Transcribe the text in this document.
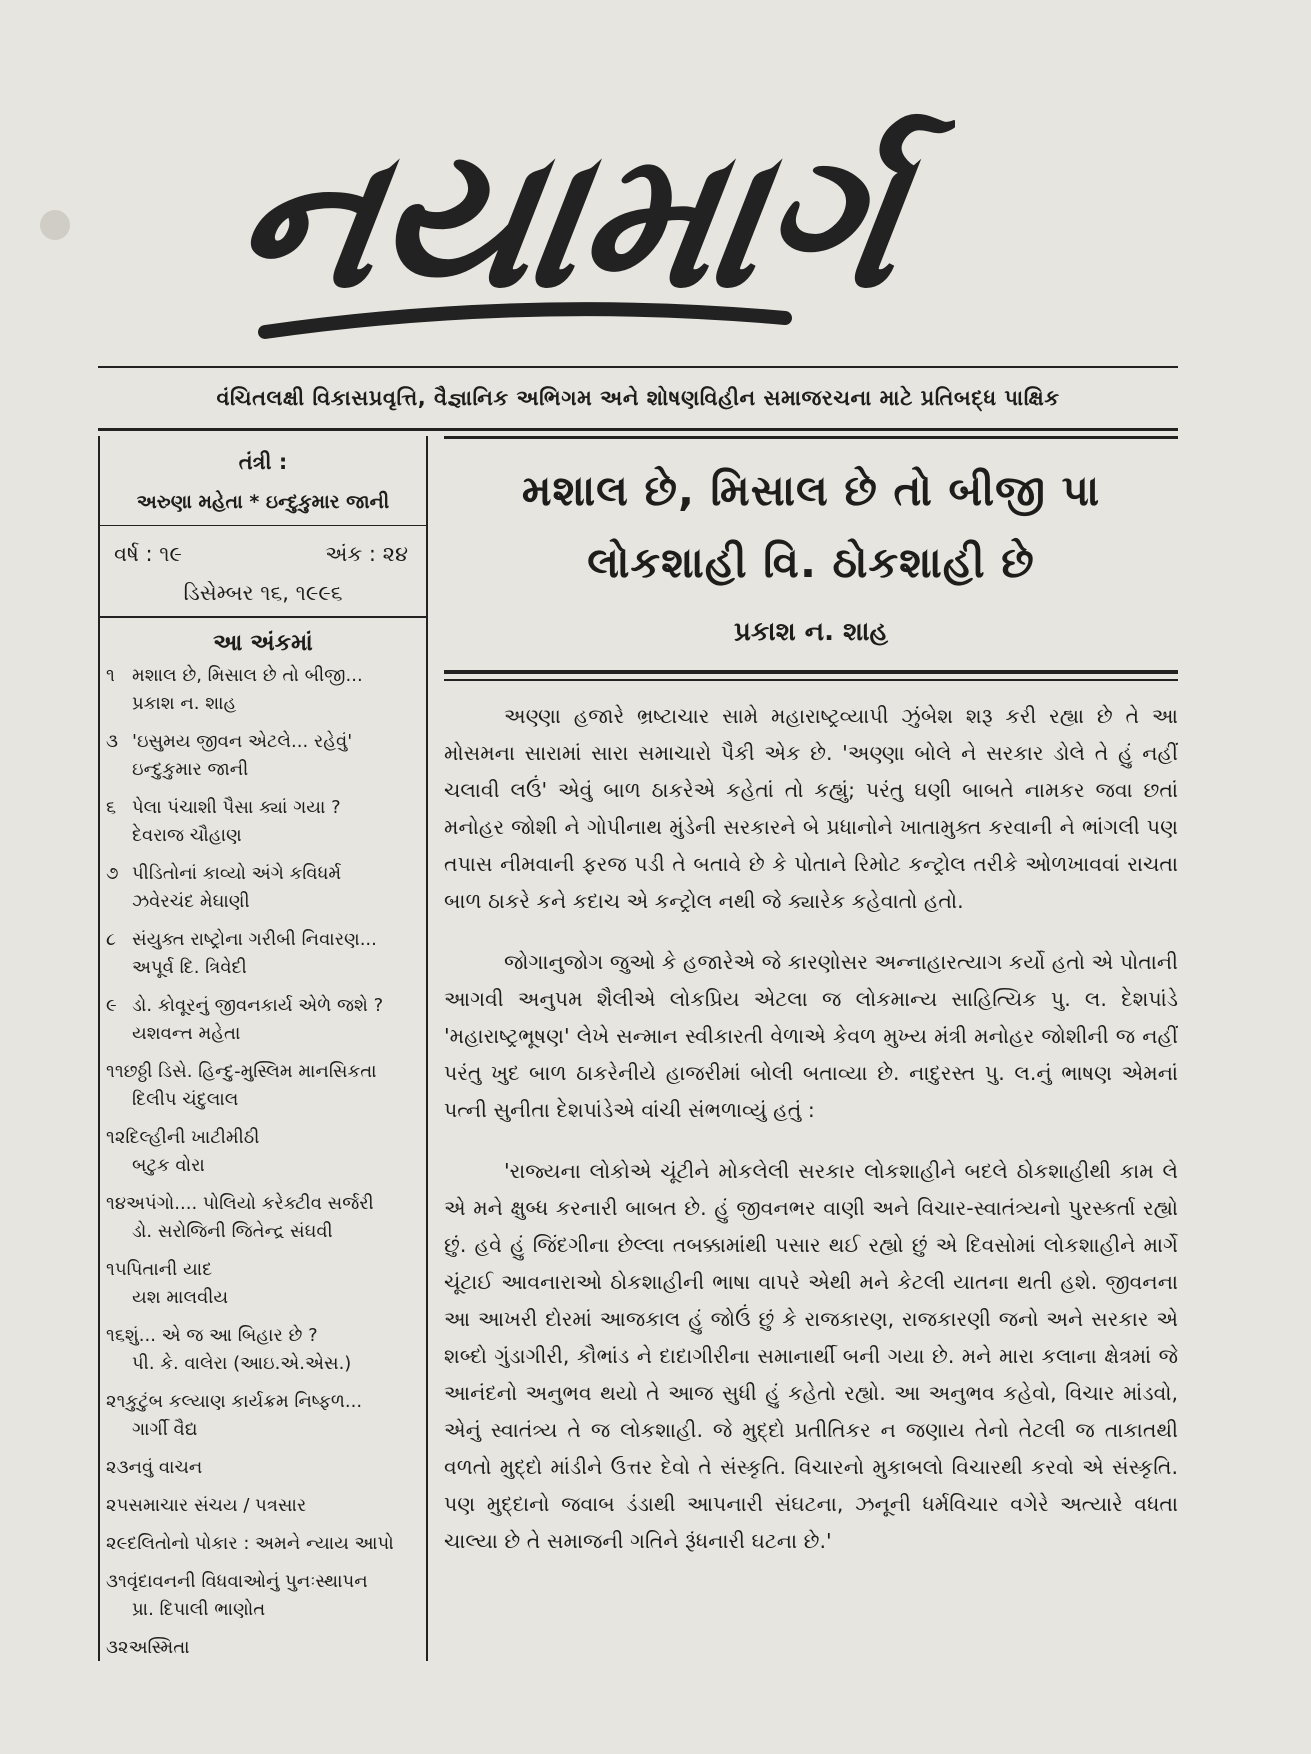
નયામાર્ગ
વંચિતલક્ષી વિકાસપ્રવૃત્તિ, વૈજ્ઞાનિક અભિગમ અને શોષણવિહીન સમાજરચના માટે પ્રતિબદ્ધ પાક્ષિક
તંત્રી :
અરુણા મહેતા * ઇન્દુકુમાર જાની
વર્ષ : ૧૯	અંક : ૨૪
ડિસેમ્બર ૧૬, ૧૯૯૬
આ અંકમાં
૧ મશાલ છે, મિસાલ છે તો બીજી...
પ્રકાશ ન. શાહ
૩ 'ઇસુમય જીવન એટલે... રહેવું'
ઇન્દુકુમાર જાની
૬ પેલા પંચાશી પૈસા ક્યાં ગયા ?
દેવરાજ ચૌહાણ
૭ પીડિતોનાં કાવ્યો અંગે કવિધર્મ
ઝવેરચંદ મેઘાણી
૮ સંયુક્ત રાષ્ટ્રોના ગરીબી નિવારણ...
અપૂર્વ દિ. ત્રિવેદી
૯ ડો. કોવૂરનું જીવનકાર્ય એળે જશે ?
યશવન્ત મહેતા
૧૧ છઠ્ઠી ડિસે. હિન્દુ-મુસ્લિમ માનસિકતા
દિલીપ ચંદુલાલ
૧૨ દિલ્હીની ખાટીમીઠી
બટુક વોરા
૧૪ અપંગો.... પોલિયો કરેક્ટીવ સર્જરી
ડો. સરોજિની જિતેન્દ્ર સંઘવી
૧૫ પિતાની યાદ
યશ માલવીય
૧૬ શું... એ જ આ બિહાર છે ?
પી. કે. વાલેરા (આઇ.એ.એસ.)
૨૧ કુટુંબ કલ્યાણ કાર્યક્રમ નિષ્ફળ...
ગાર્ગી વૈદ્ય
૨૩ નવું વાચન
૨૫ સમાચાર સંચય / પત્રસાર
૨૯ દલિતોનો પોકાર : અમને ન્યાય આપો
૩૧ વૃંદાવનની વિધવાઓનું પુનઃસ્થાપન
પ્રા. દિપાલી ભાણોત
૩૨ અસ્મિતા
મશાલ છે, મિસાલ છે તો બીજી પા
લોકશાહી વિ. ઠોકશાહી છે
પ્રકાશ ન. શાહ

અણ્ણા હજારે ભ્રષ્ટાચાર સામે મહારાષ્ટ્રવ્યાપી ઝુંબેશ શરૂ કરી રહ્યા છે તે આ મોસમના સારામાં સારા સમાચારો પૈકી એક છે. 'અણ્ણા બોલે ને સરકાર ડોલે તે હું નહીં ચલાવી લઉં' એવું બાળ ઠાકરેએ કહેતાં તો કહ્યું; પરંતુ ઘણી બાબતે નામકર જવા છતાં મનોહર જોશી ને ગોપીનાથ મુંડેની સરકારને બે પ્રધાનોને ખાતામુક્ત કરવાની ને ભાંગલી પણ તપાસ નીમવાની ફરજ પડી તે બતાવે છે કે પોતાને રિમોટ કન્ટ્રોલ તરીકે ઓળખાવવાં રાચતા બાળ ઠાકરે કને કદાચ એ કન્ટ્રોલ નથી જે ક્યારેક કહેવાતો હતો.

જોગાનુજોગ જુઓ કે હજારેએ જે કારણોસર અન્નાહારત્યાગ કર્યો હતો એ પોતાની આગવી અનુપમ શૈલીએ લોકપ્રિય એટલા જ લોકમાન્ય સાહિત્યિક પુ. લ. દેશપાંડે 'મહારાષ્ટ્રભૂષણ' લેખે સન્માન સ્વીકારતી વેળાએ કેવળ મુખ્ય મંત્રી મનોહર જોશીની જ નહીં પરંતુ ખુદ બાળ ઠાકરેનીયે હાજરીમાં બોલી બતાવ્યા છે. નાદુરસ્ત પુ. લ.નું ભાષણ એમનાં પત્ની સુનીતા દેશપાંડેએ વાંચી સંભળાવ્યું હતું :

'રાજ્યના લોકોએ ચૂંટીને મોકલેલી સરકાર લોકશાહીને બદલે ઠોકશાહીથી કામ લે એ મને ક્ષુબ્ધ કરનારી બાબત છે. હું જીવનભર વાણી અને વિચાર-સ્વાતંત્ર્યનો પુરસ્કર્તા રહ્યો છું. હવે હું જિંદગીના છેલ્લા તબક્કામાંથી પસાર થઈ રહ્યો છું એ દિવસોમાં લોકશાહીને માર્ગે ચૂંટાઈ આવનારાઓ ઠોકશાહીની ભાષા વાપરે એથી મને કેટલી યાતના થતી હશે. જીવનના આ આખરી દોરમાં આજકાલ હું જોઉં છું કે રાજકારણ, રાજકારણી જનો અને સરકાર એ શબ્દો ગુંડાગીરી, કૌભાંડ ને દાદાગીરીના સમાનાર્થી બની ગયા છે. મને મારા કલાના ક્ષેત્રમાં જે આનંદનો અનુભવ થયો તે આજ સુધી હું કહેતો રહ્યો. આ અનુભવ કહેવો, વિચાર માંડવો, એનું સ્વાતંત્ર્ય તે જ લોકશાહી. જે મુદ્દો પ્રતીતિકર ન જણાય તેનો તેટલી જ તાકાતથી વળતો મુદ્દો માંડીને ઉત્તર દેવો તે સંસ્કૃતિ. વિચારનો મુકાબલો વિચારથી કરવો એ સંસ્કૃતિ. પણ મુદ્દાનો જવાબ ડંડાથી આપનારી સંઘટના, ઝનૂની ધર્મવિચાર વગેરે અત્યારે વધતા ચાલ્યા છે તે સમાજની ગતિને રૂંધનારી ઘટના છે.'
